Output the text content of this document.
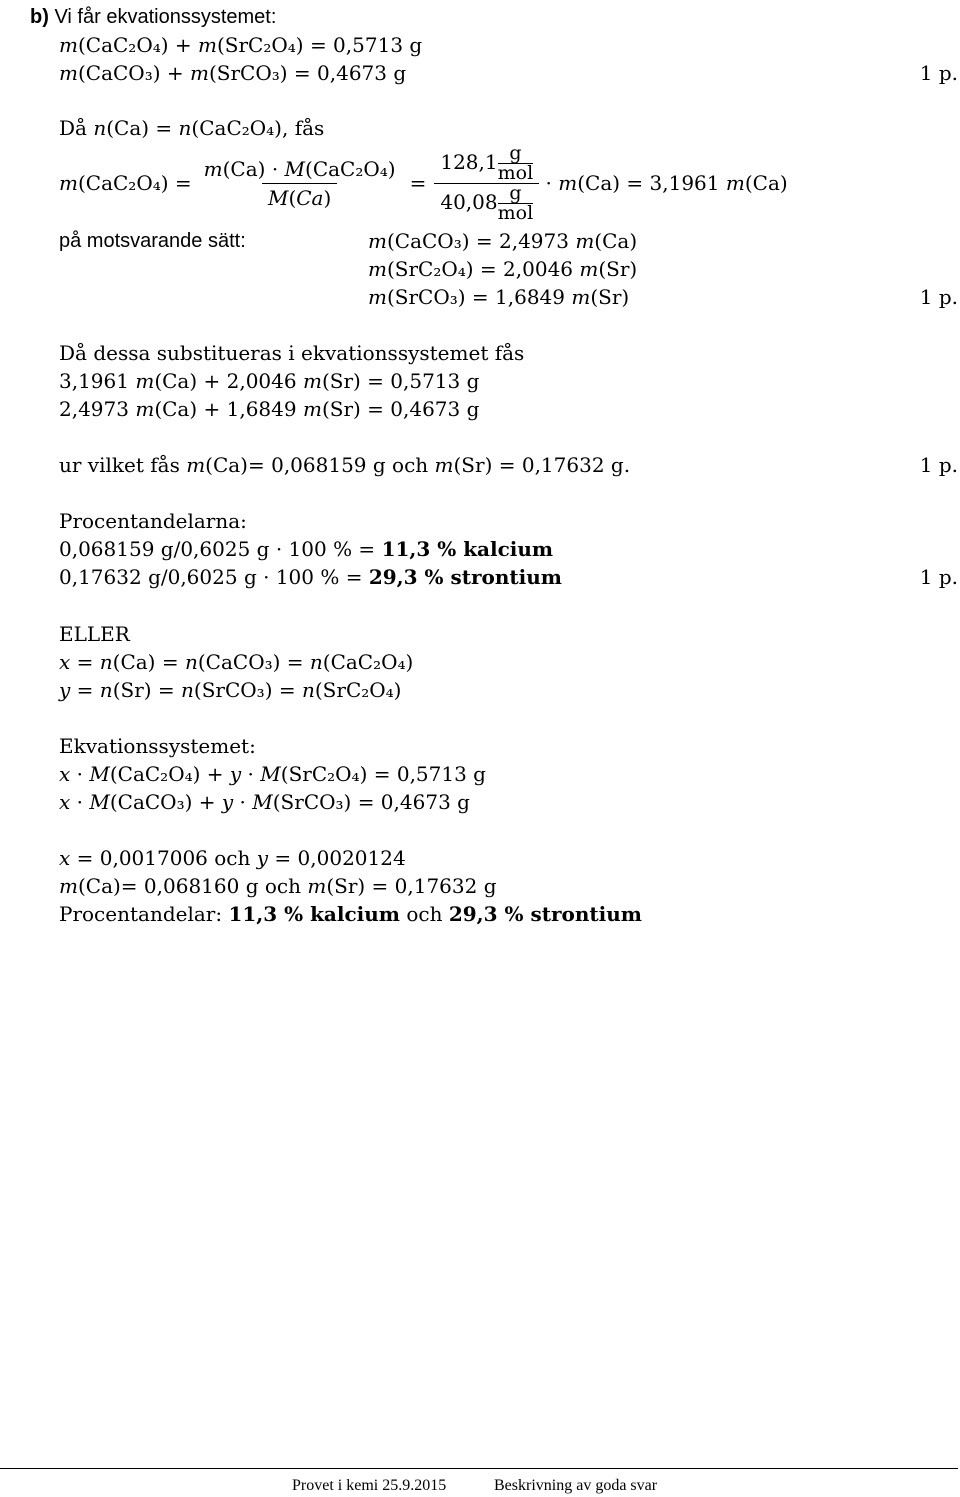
b) Vi får ekvationssystemet:
m(CaC₂O₄) + m(SrC₂O₄) = 0,5713 g
m(CaCO₃) + m(SrCO₃) = 0,4673 g	1 p.
Då n(Ca) = n(CaC₂O₄), fås
$m(CaC_2O_4) = \frac{\text{m(Ca) · M(CaC₂O₄)}}{M(Ca)} = 128,1$ g
mol
40,08 g
mol · m(Ca) = 3,1961 m(Ca)
på motsvarande sätt:	m(CaCO₃) = 2,4973 m(Ca)
m(SrC₂O₄) = 2,0046 m(Sr)
m(SrCO₃) = 1,6849 m(Sr)	1 p.
Då dessa substitueras i ekvationssystemet fås
3,1961 m(Ca) + 2,0046 m(Sr) = 0,5713 g
2,4973 m(Ca) + 1,6849 m(Sr) = 0,4673 g
ur vilket fås m(Ca)= 0,068159 g och m(Sr) = 0,17632 g.	1 p.
Procentandelarna:
0,068159 g/0,6025 g · 100 % = 11,3 % kalcium
0,17632 g/0,6025 g · 100 % = 29,3 % strontium	1 p.
ELLER
x = n(Ca) = n(CaCO₃) = n(CaC₂O₄)
y = n(Sr) = n(SrCO₃) = n(SrC₂O₄)
Ekvationssystemet:
x · M(CaC₂O₄) + y · M(SrC₂O₄) = 0,5713 g
x · M(CaCO₃) + y · M(SrCO₃) = 0,4673 g
x = 0,0017006 och y = 0,0020124
m(Ca)= 0,068160 g och m(Sr) = 0,17632 g
Procentandelar: 11,3 % kalcium och 29,3 % strontium
Provet i kemi 25.9.2015	Beskrivning av goda svar
